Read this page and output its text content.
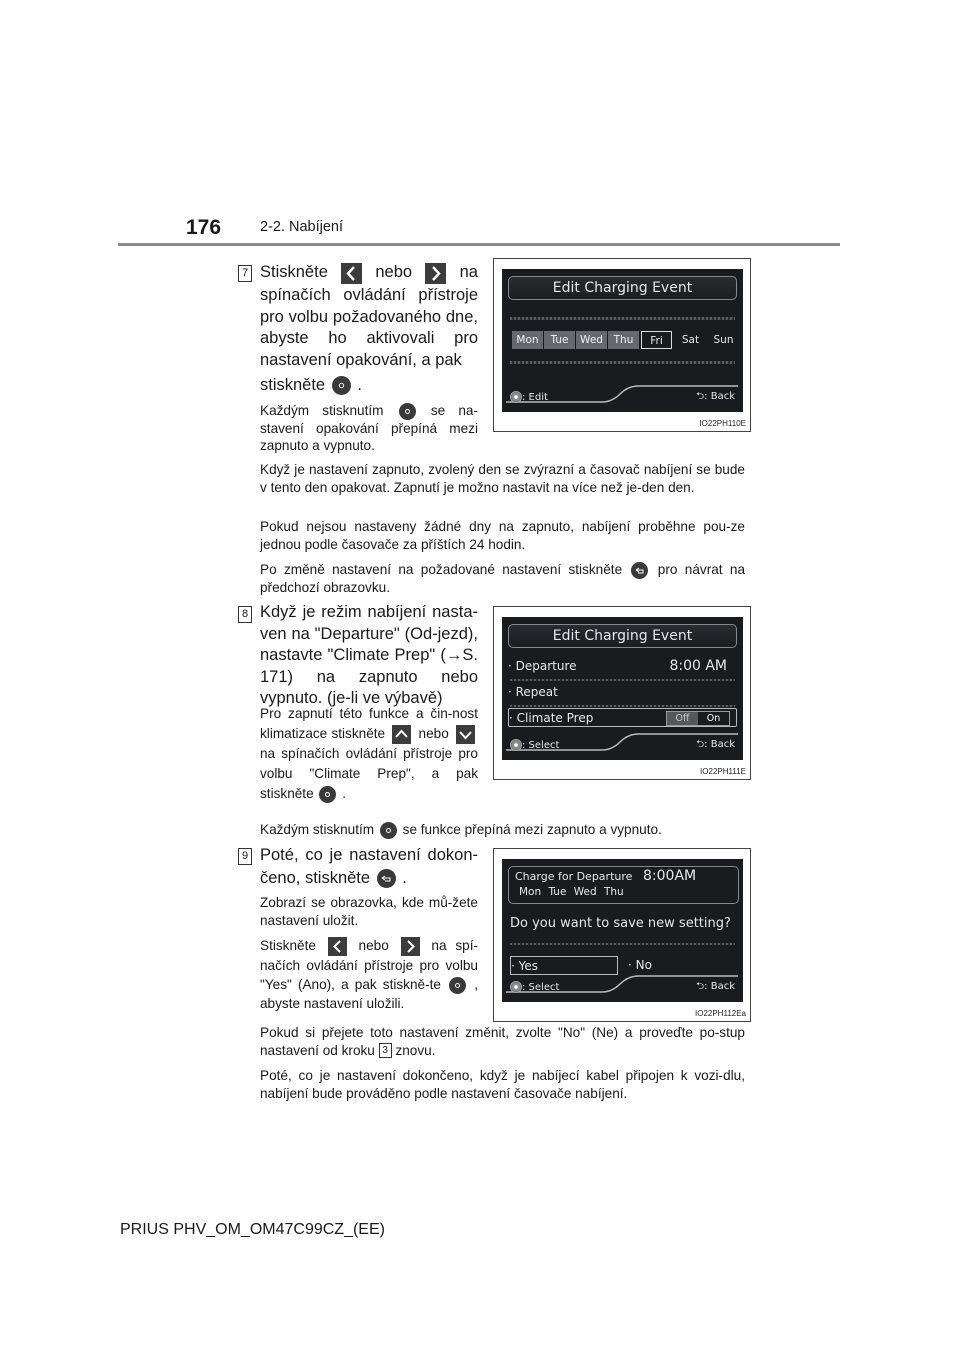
176	2-2. Nabíjení
7 Stiskněte	nebo	na
spínačích ovládání přístroje pro volbu požadovaného dne, abyste ho aktivovali pro nastavení opakování, a pak
stiskněte .
Každým stisknutím	se na-stavení opakování přepíná mezi zapnuto a vypnuto.
Když je nastavení zapnuto, zvolený den se zvýrazní a časovač nabíjení se bude v tento den opakovat. Zapnutí je možno nastavit na více než je-den den.
Pokud nejsou nastaveny žádné dny na zapnuto, nabíjení proběhne pou-ze jednou podle časovače za příštích 24 hodin.
Po změně nastavení na požadované nastavení stiskněte	pro návrat na předchozí obrazovku.
Edit Charging Event
Mon	Tue	Wed	Thu	Fri	Sat	Sun
: Edit	⮌: Back
IO22PH110E
8 Když je režim nabíjení nasta-ven na "Departure" (Od-jezd), nastavte "Climate Prep" (→S. 171) na zapnuto nebo vypnuto. (je-li ve výbavě)
Pro zapnutí této funkce a čin-nost klimatizace stiskněte nebo
na spínačích ovládání přístroje pro volbu "Climate Prep", a pak stiskněte .
Každým stisknutím se funkce přepíná mezi zapnuto a vypnuto.
Edit Charging Event
· Departure	8:00 AM
· Repeat
· Climate Prep	Off	On
: Select	⮌: Back
IO22PH111E
9 Poté, co je nastavení dokon-čeno, stiskněte .
Zobrazí se obrazovka, kde mů-žete nastavení uložit.
Stiskněte	nebo	na spí-načích ovládání přístroje pro volbu "Yes" (Ano), a pak stiskně-te , abyste nastavení uložili.
Pokud si přejete toto nastavení změnit, zvolte "No" (Ne) a proveďte po-stup nastavení od kroku 3 znovu.
Poté, co je nastavení dokončeno, když je nabíjecí kabel připojen k vozi-dlu, nabíjení bude prováděno podle nastavení časovače nabíjení.
Charge for Departure 8:00AM
Mon Tue Wed Thu
Do you want to save new setting?
· Yes	· No
: Select	⮌: Back
IO22PH112Ea
PRIUS PHV_OM_OM47C99CZ_(EE)
